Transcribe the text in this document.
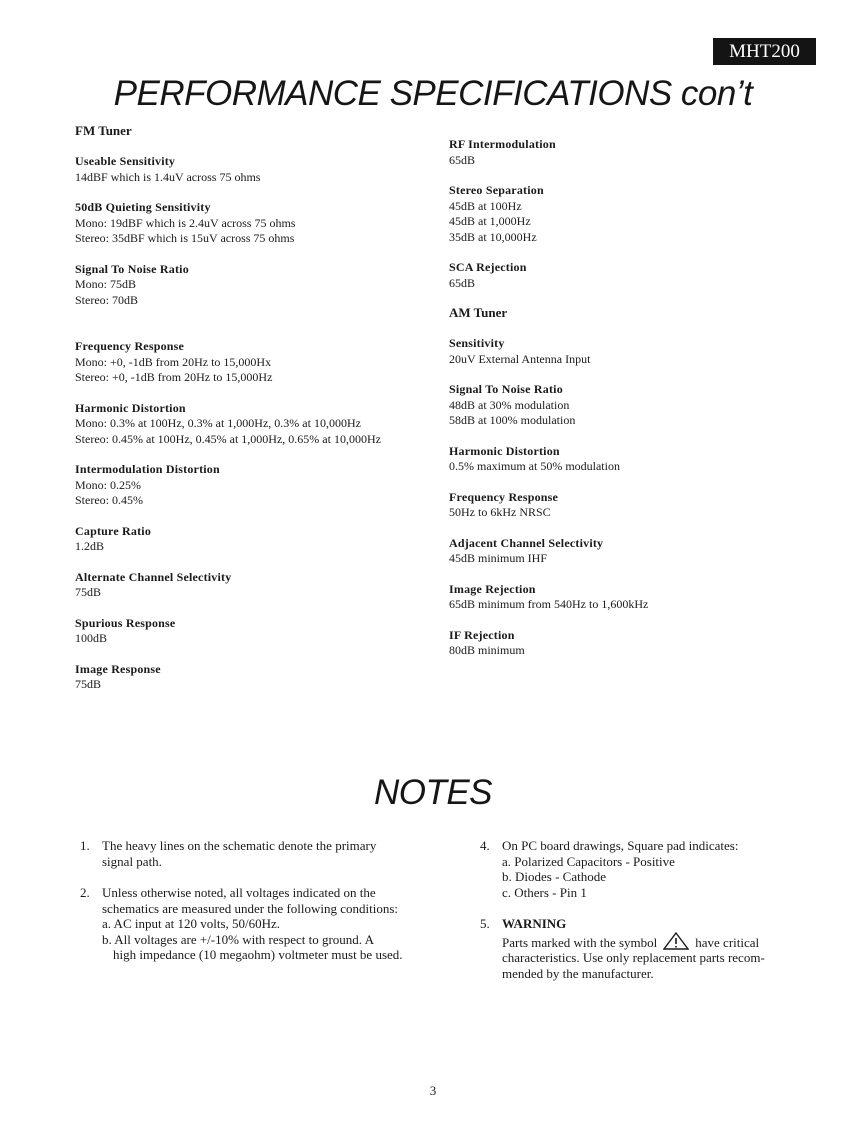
MHT200
PERFORMANCE SPECIFICATIONS con’t
FM Tuner
Useable Sensitivity
14dBF which is 1.4uV across 75 ohms
50dB Quieting Sensitivity
Mono: 19dBF which is 2.4uV across 75 ohms
Stereo: 35dBF which is 15uV across 75 ohms
Signal To Noise Ratio
Mono: 75dB
Stereo: 70dB
Frequency Response
Mono: +0, -1dB from 20Hz to 15,000Hx
Stereo: +0, -1dB from 20Hz to 15,000Hz
Harmonic Distortion
Mono: 0.3% at 100Hz, 0.3% at 1,000Hz, 0.3% at 10,000Hz
Stereo: 0.45% at 100Hz, 0.45% at 1,000Hz, 0.65% at 10,000Hz
Intermodulation Distortion
Mono: 0.25%
Stereo: 0.45%
Capture Ratio
1.2dB
Alternate Channel Selectivity
75dB
Spurious Response
100dB
Image Response
75dB
RF Intermodulation
65dB
Stereo Separation
45dB at 100Hz
45dB at 1,000Hz
35dB at 10,000Hz
SCA Rejection
65dB
AM Tuner
Sensitivity
20uV External Antenna Input
Signal To Noise Ratio
48dB at 30% modulation
58dB at 100% modulation
Harmonic Distortion
0.5% maximum at 50% modulation
Frequency Response
50Hz to 6kHz NRSC
Adjacent Channel Selectivity
45dB minimum IHF
Image Rejection
65dB minimum from 540Hz to 1,600kHz
IF Rejection
80dB minimum
NOTES
1. The heavy lines on the schematic denote the primary
signal path.
2. Unless otherwise noted, all voltages indicated on the
schematics are measured under the following conditions:
a. AC input at 120 volts, 50/60Hz.
b. All voltages are +/-10% with respect to ground. A
high impedance (10 megaohm) voltmeter must be used.
4. On PC board drawings, Square pad indicates:
a. Polarized Capacitors - Positive
b. Diodes - Cathode
c. Others - Pin 1
5. WARNING
Parts marked with the symbol	have critical
characteristics. Use only replacement parts recom-
mended by the manufacturer.
3
